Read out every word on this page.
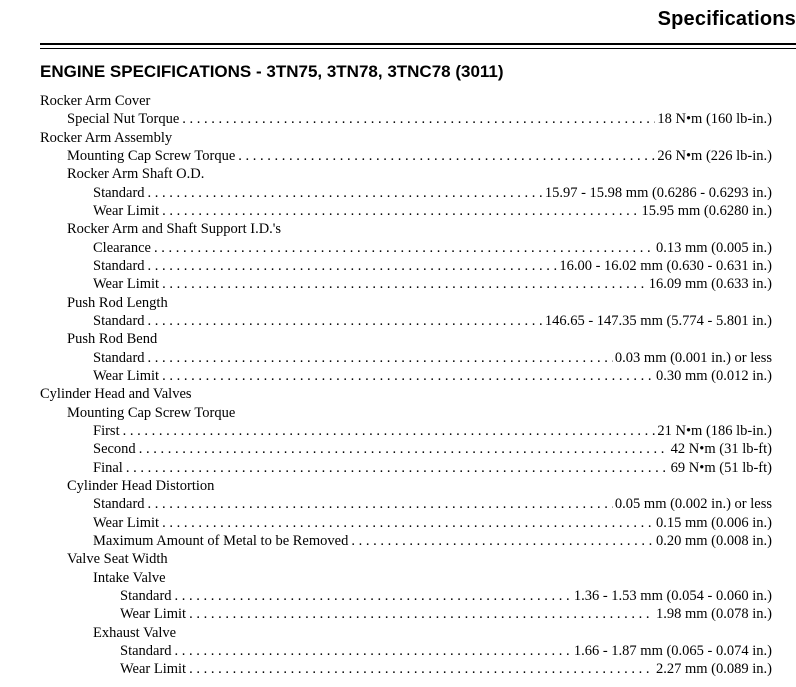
Specifications
ENGINE SPECIFICATIONS - 3TN75, 3TN78, 3TNC78 (3011)
Rocker Arm Cover
Special Nut Torque . . .	18 N•m (160 lb-in.)
Rocker Arm Assembly
Mounting Cap Screw Torque . . .	26 N•m (226 lb-in.)
Rocker Arm Shaft O.D.
Standard . . .	15.97 - 15.98 mm (0.6286 - 0.6293 in.)
Wear Limit . . .	15.95 mm (0.6280 in.)
Rocker Arm and Shaft Support I.D.'s
Clearance . . .	0.13 mm (0.005 in.)
Standard . . .	16.00 - 16.02 mm (0.630 - 0.631 in.)
Wear Limit . . .	16.09 mm (0.633 in.)
Push Rod Length
Standard . . .	146.65 - 147.35 mm (5.774 - 5.801 in.)
Push Rod Bend
Standard . . .	0.03 mm (0.001 in.) or less
Wear Limit . . .	0.30 mm (0.012 in.)
Cylinder Head and Valves
Mounting Cap Screw Torque
First . . .	21 N•m (186 lb-in.)
Second . . .	42 N•m (31 lb-ft)
Final . . .	69 N•m (51 lb-ft)
Cylinder Head Distortion
Standard . . .	0.05 mm (0.002 in.) or less
Wear Limit . . .	0.15 mm (0.006 in.)
Maximum Amount of Metal to be Removed . . .	0.20 mm (0.008 in.)
Valve Seat Width
Intake Valve
Standard . . .	1.36 - 1.53 mm (0.054 - 0.060 in.)
Wear Limit . . .	1.98 mm (0.078 in.)
Exhaust Valve
Standard . . .	1.66 - 1.87 mm (0.065 - 0.074 in.)
Wear Limit . . .	2.27 mm (0.089 in.)
